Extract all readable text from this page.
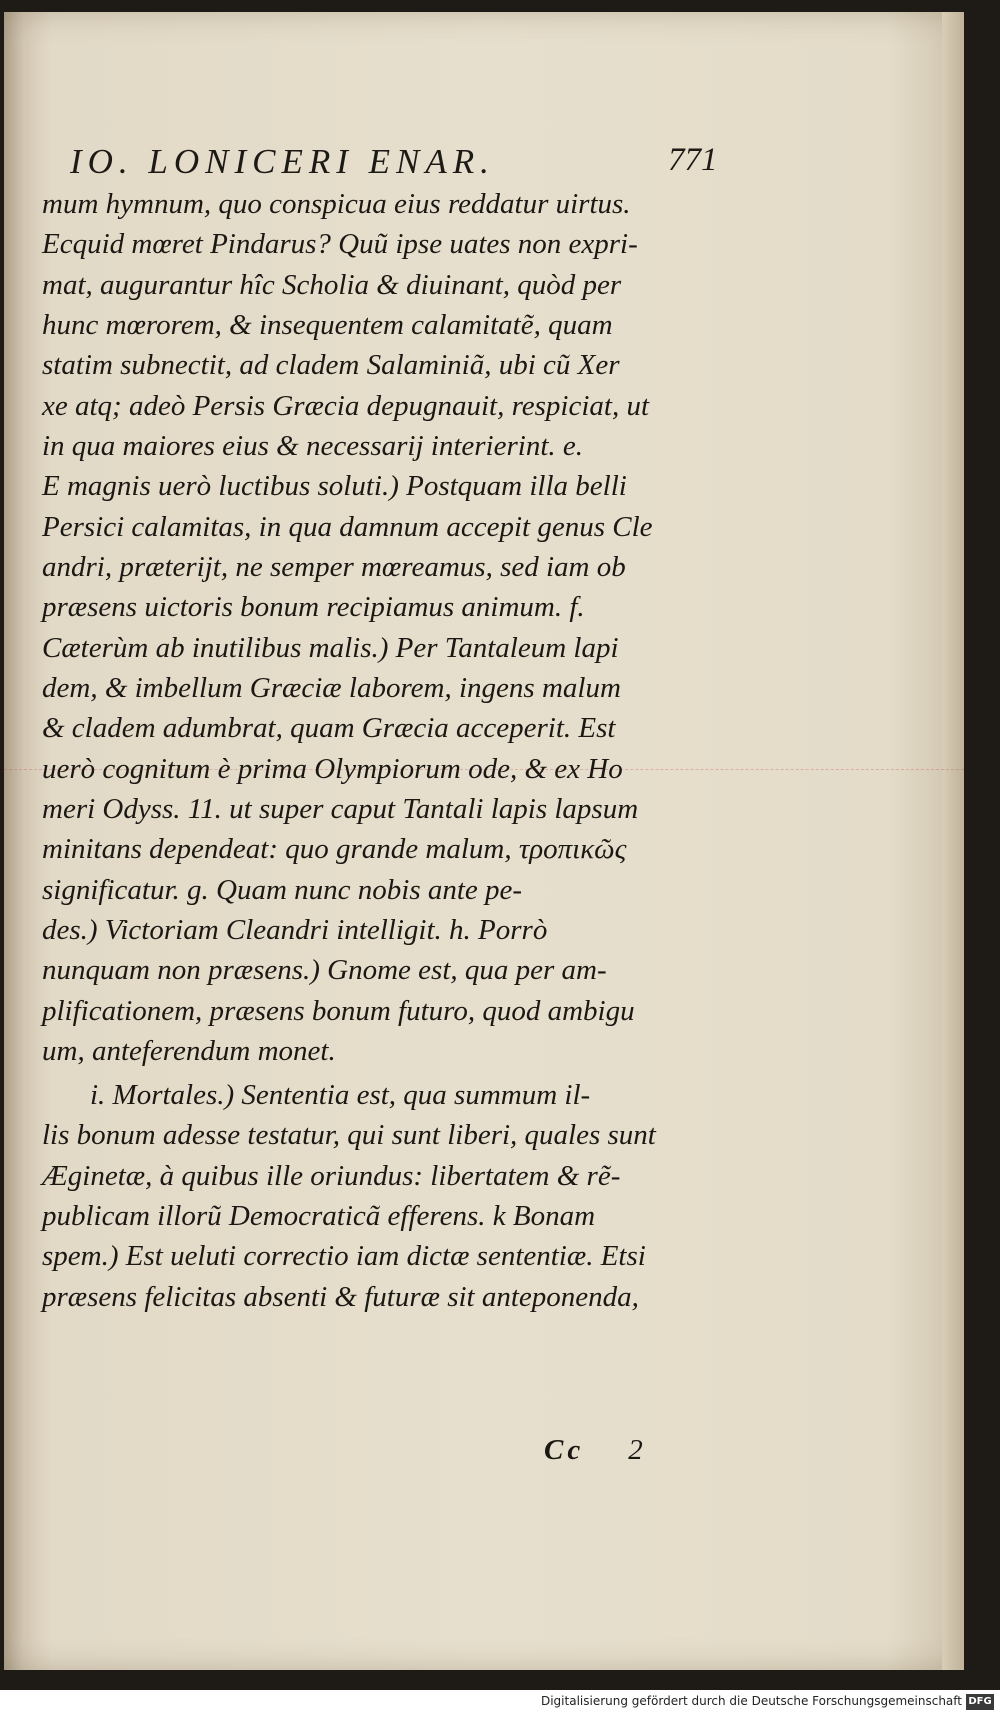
IO. LONICERI ENAR.	771
mum hymnum, quo conspicua eius reddatur uirtus.
Ecquid mœret Pindarus? Quũ ipse uates non expri-
mat, augurantur hîc Scholia & diuinant, quòd per
hunc mœrorem, & insequentem calamitatẽ, quam
statim subnectit, ad cladem Salaminiã, ubi cũ Xer
xe atq; adeò Persis Græcia depugnauit, respiciat, ut
in qua maiores eius & necessarij interierint. e.
E magnis uerò luctibus soluti.) Postquam illa belli
Persici calamitas, in qua damnum accepit genus Cle
andri, præterijt, ne semper mœreamus, sed iam ob
præsens uictoris bonum recipiamus animum. f.
Cæterùm ab inutilibus malis.) Per Tantaleum lapi
dem, & imbellum Græciæ laborem, ingens malum
& cladem adumbrat, quam Græcia acceperit. Est
uerò cognitum è prima Olympiorum ode, & ex Ho
meri Odyss. 11. ut super caput Tantali lapis lapsum
minitans dependeat: quo grande malum, τροπικῶς
significatur. g. Quam nunc nobis ante pe-
des.) Victoriam Cleandri intelligit. h. Porrò
nunquam non præsens.) Gnome est, qua per am-
plificationem, præsens bonum futuro, quod ambigu
um, anteferendum monet.
i. Mortales.) Sententia est, qua summum il-
lis bonum adesse testatur, qui sunt liberi, quales sunt
Æginetæ, à quibus ille oriundus: libertatem & rẽ-
publicam illorũ Democraticã efferens. k Bonam
spem.) Est ueluti correctio iam dictæ sententiæ. Etsi
præsens felicitas absenti & futuræ sit anteponenda,
Cc 2
Digitalisierung gefördert durch die Deutsche Forschungsgemeinschaft DFG
